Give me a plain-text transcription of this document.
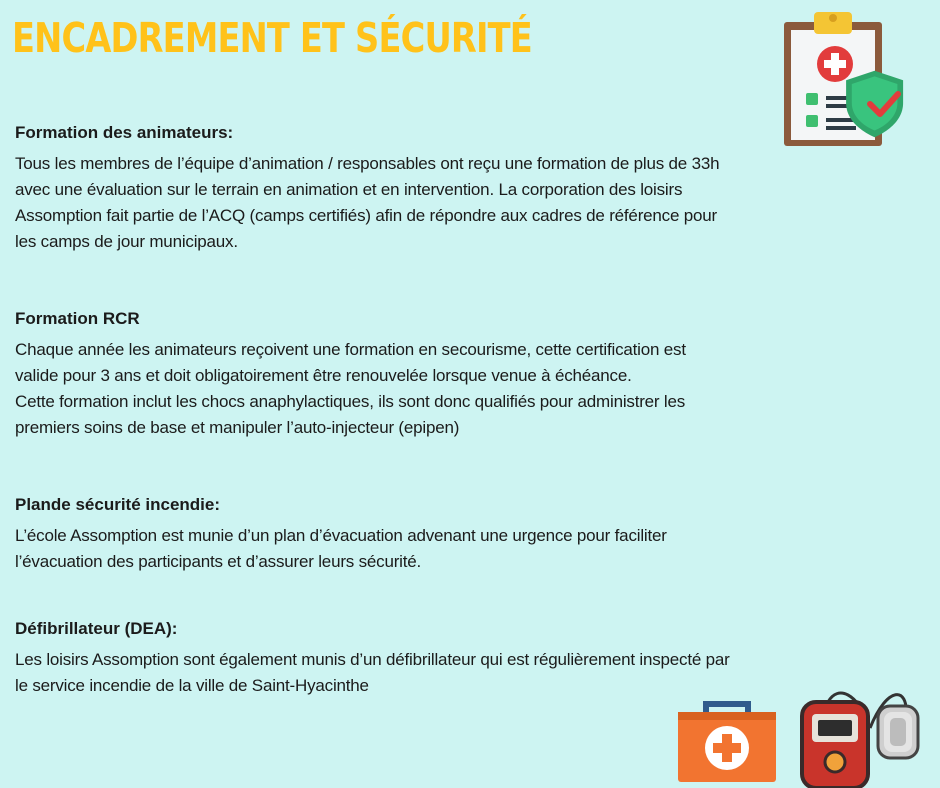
ENCADREMENT ET SÉCURITÉ

Formation des animateurs:

Tous les membres de l’équipe d’animation / responsables ont reçu une formation de plus de 33h
avec une évaluation sur le terrain en animation et en intervention. La corporation des loisirs
Assomption fait partie de l’ACQ (camps certifiés) afin de répondre aux cadres de référence pour
les camps de jour municipaux.

Formation RCR

Chaque année les animateurs reçoivent une formation en secourisme, cette certification est
valide pour 3 ans et doit obligatoirement être renouvelée lorsque venue à échéance.
Cette formation inclut les chocs anaphylactiques, ils sont donc qualifiés pour administrer les
premiers soins de base et manipuler l’auto-injecteur (epipen)

Plande sécurité incendie:

L’école Assomption est munie d’un plan d’évacuation advenant une urgence pour faciliter
l’évacuation des participants et d’assurer leurs sécurité.

Défibrillateur (DEA):

Les loisirs Assomption sont également munis d’un défibrillateur qui est régulièrement inspecté par
le service incendie de la ville de Saint-Hyacinthe
